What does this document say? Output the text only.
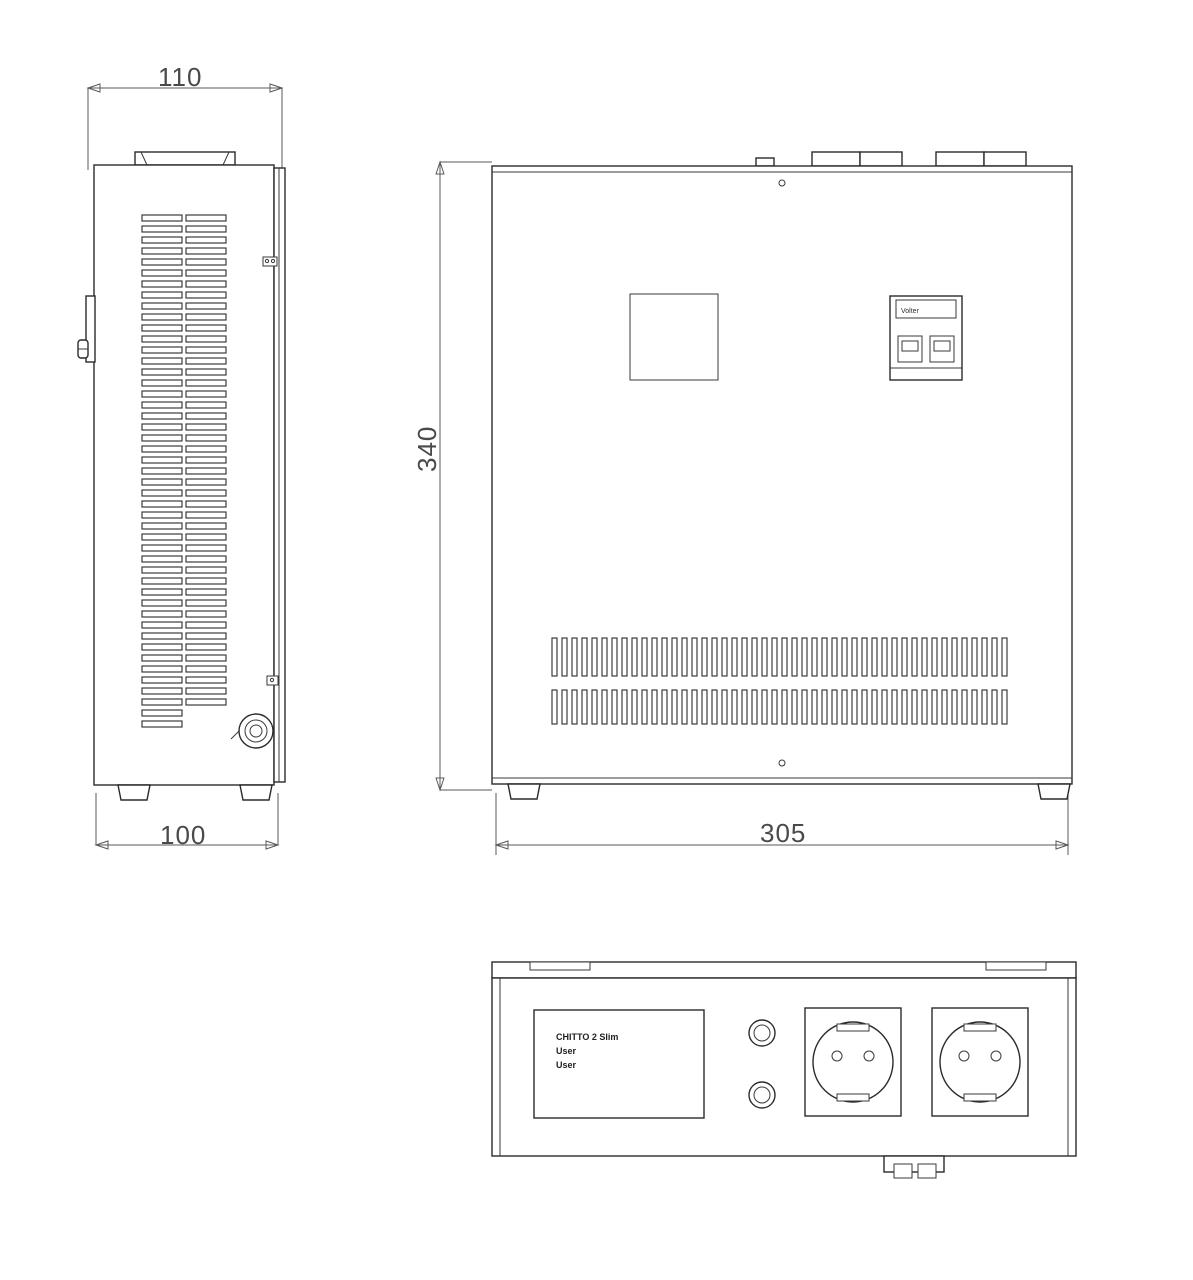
110
100
340
305
Volter
CHITTO 2 Slim
User
User
